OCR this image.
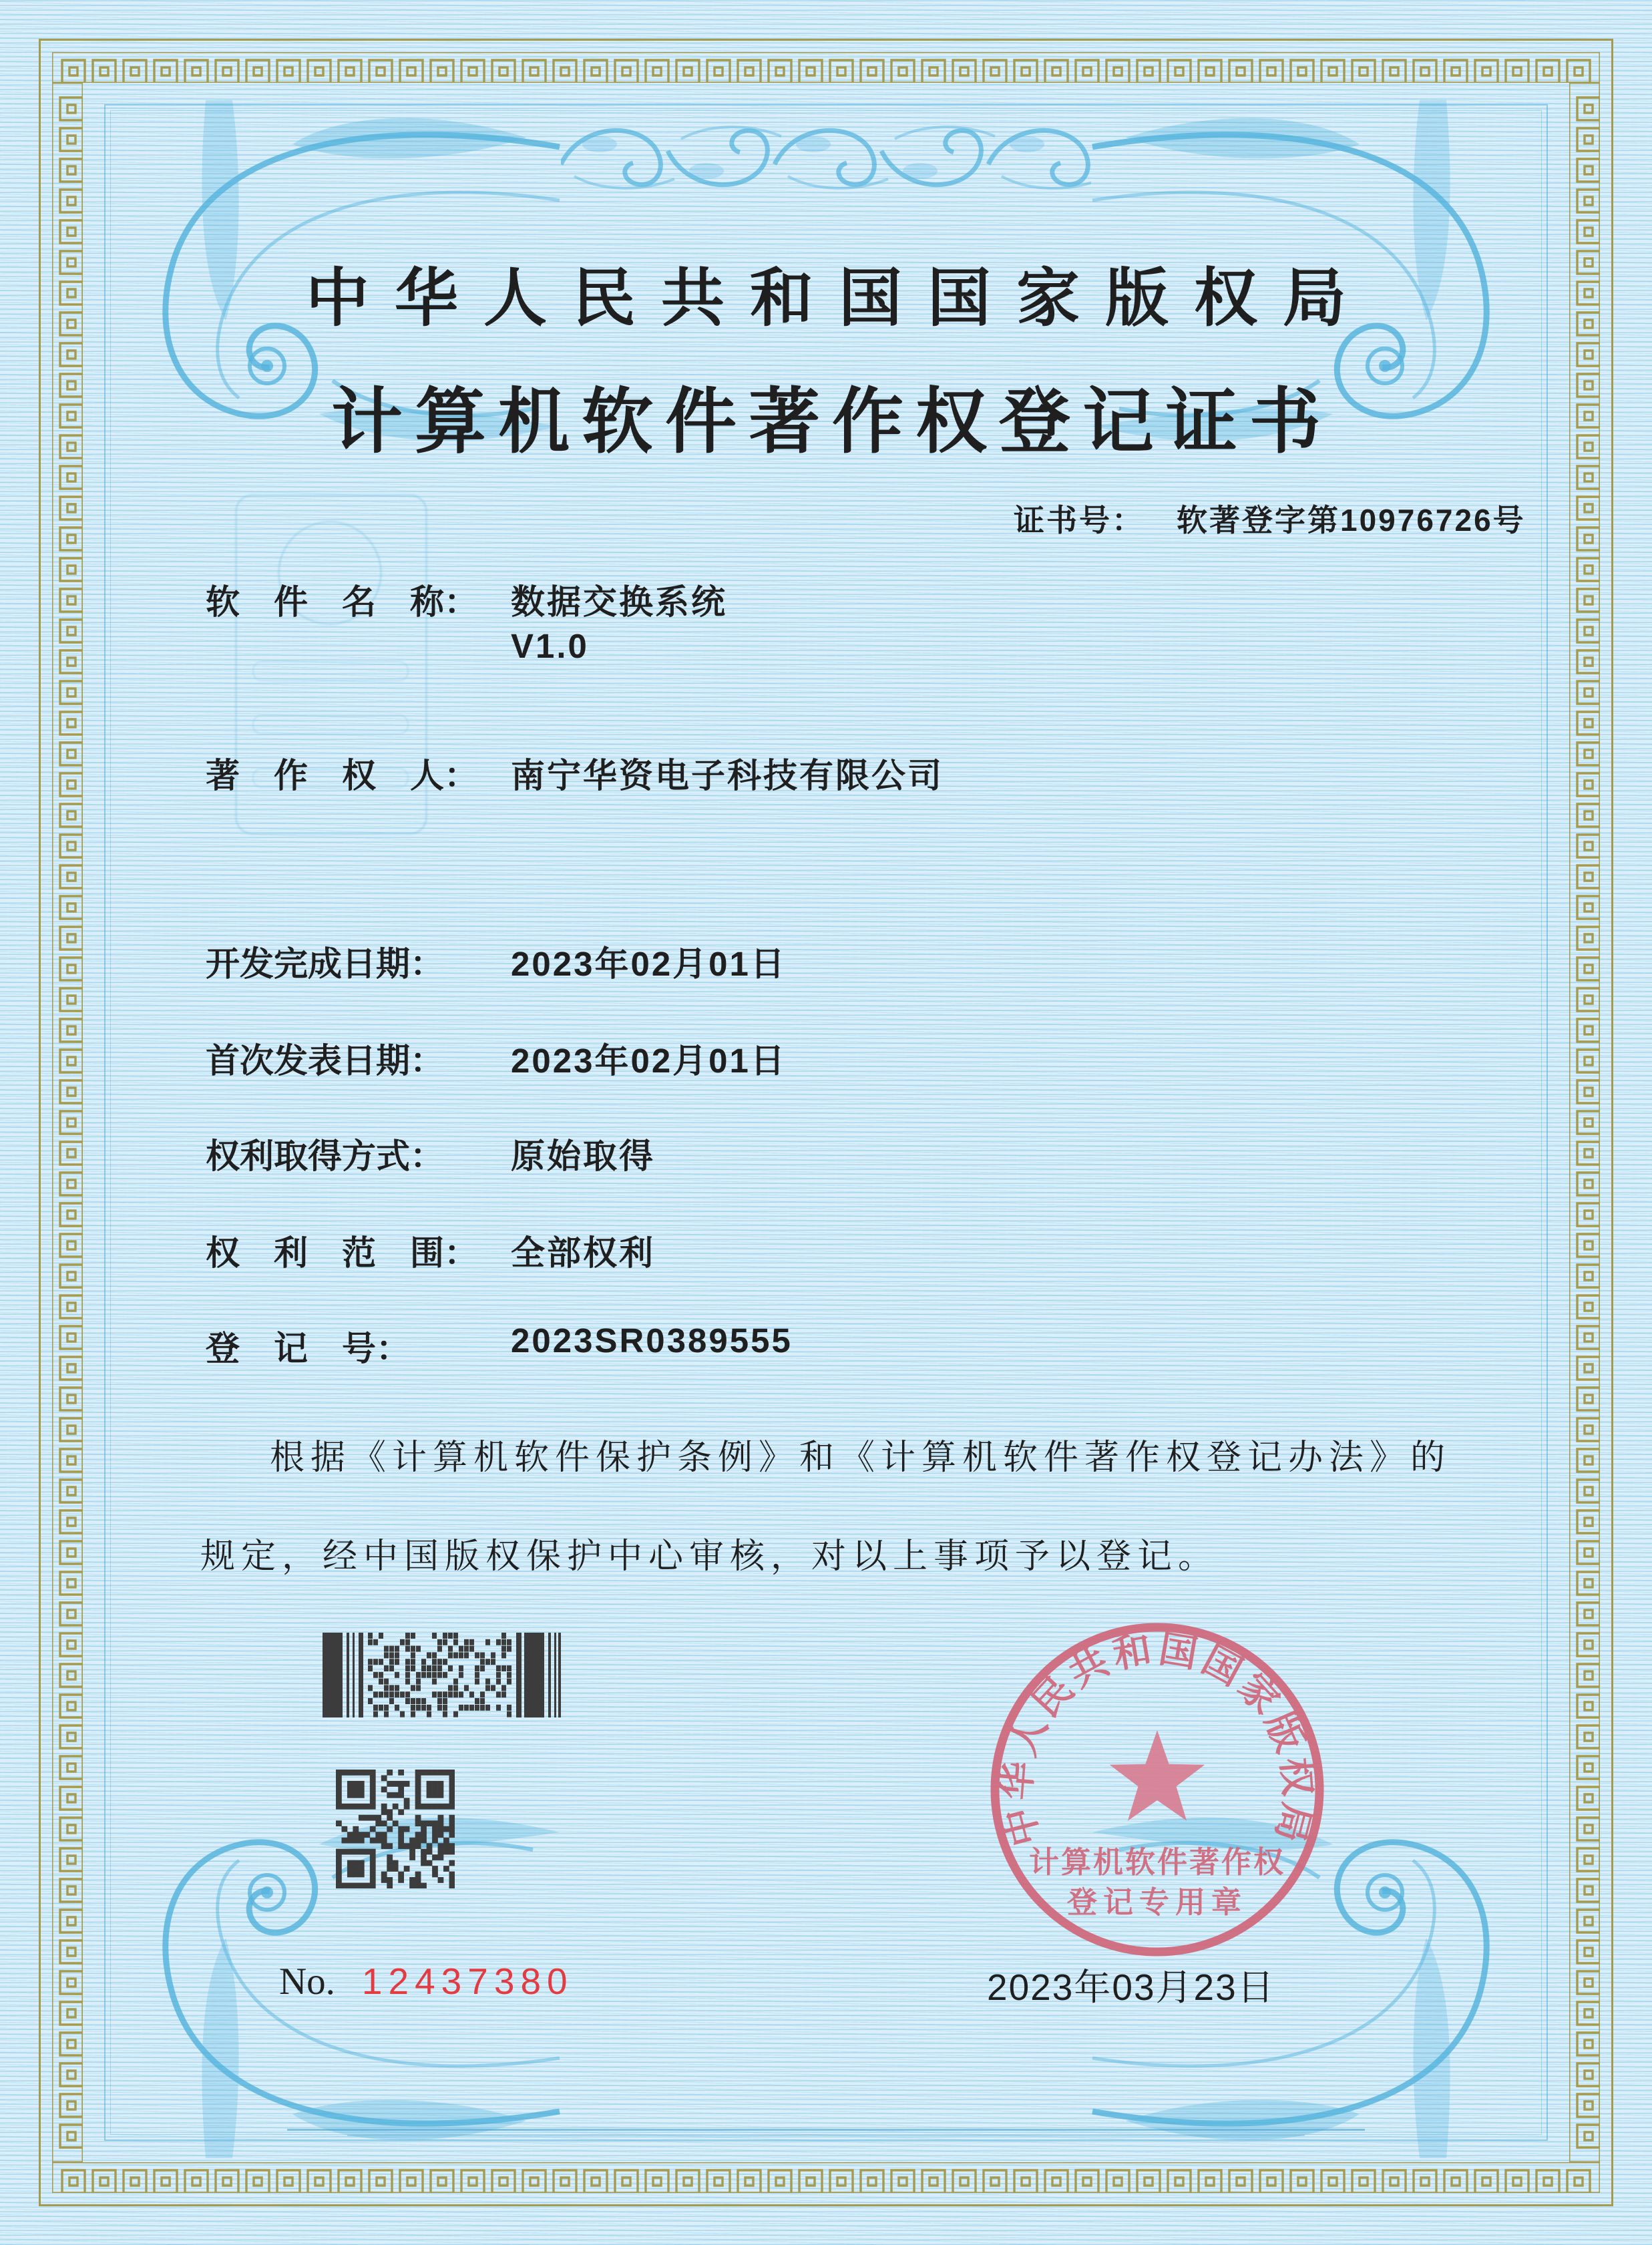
中华人民共和国国家版权局
计算机软件著作权登记证书
证书号： 软著登字第10976726号
软　件　名　称： 数据交换系统
V1.0
著　作　权　人： 南宁华资电子科技有限公司
开发完成日期： 2023年02月01日
首次发表日期： 2023年02月01日
权利取得方式： 原始取得
权　利　范　围： 全部权利
登　记　号：	2023SR0389555
根据《计算机软件保护条例》和《计算机软件著作权登记办法》的
规定，经中国版权保护中心审核，对以上事项予以登记。
No. 12437380	2023年03月23日
中华人民共和国国家版权局
计算机软件著作权
登记专用章
